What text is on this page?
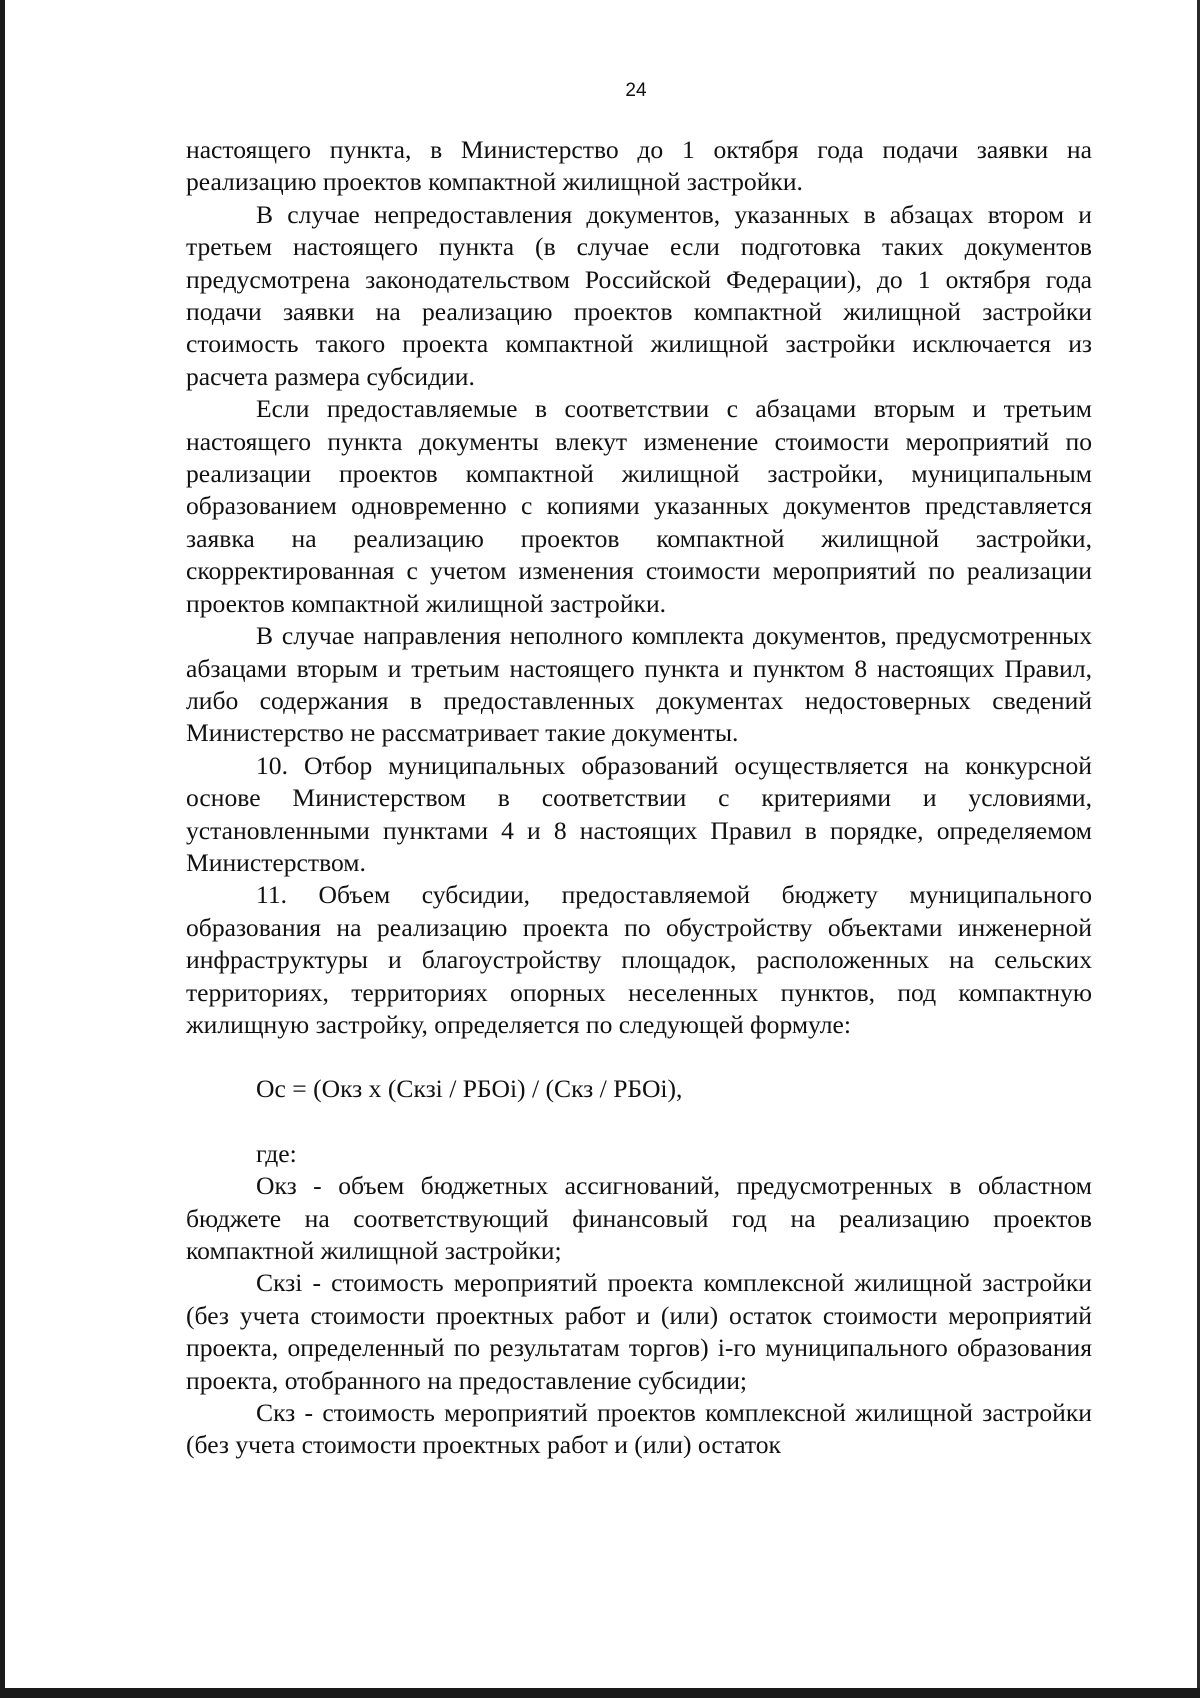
24

настоящего пункта, в Министерство до 1 октября года подачи заявки на реализацию проектов компактной жилищной застройки.

В случае непредоставления документов, указанных в абзацах втором и третьем настоящего пункта (в случае если подготовка таких документов предусмотрена законодательством Российской Федерации), до 1 октября года подачи заявки на реализацию проектов компактной жилищной застройки стоимость такого проекта компактной жилищной застройки исключается из расчета размера субсидии.

Если предоставляемые в соответствии с абзацами вторым и третьим настоящего пункта документы влекут изменение стоимости мероприятий по реализации проектов компактной жилищной застройки, муниципальным образованием одновременно с копиями указанных документов представляется заявка на реализацию проектов компактной жилищной застройки, скорректированная с учетом изменения стоимости мероприятий по реализации проектов компактной жилищной застройки.

В случае направления неполного комплекта документов, предусмотренных абзацами вторым и третьим настоящего пункта и пунктом 8 настоящих Правил, либо содержания в предоставленных документах недостоверных сведений Министерство не рассматривает такие документы.

10. Отбор муниципальных образований осуществляется на конкурсной основе Министерством в соответствии с критериями и условиями, установленными пунктами 4 и 8 настоящих Правил в порядке, определяемом Министерством.

11. Объем субсидии, предоставляемой бюджету муниципального образования на реализацию проекта по обустройству объектами инженерной инфраструктуры и благоустройству площадок, расположенных на сельских территориях, территориях опорных неселенных пунктов, под компактную жилищную застройку, определяется по следующей формуле:

Ос = (Окз х (Скзi / РБОi) / (Скз / РБОi),

где:

Окз - объем бюджетных ассигнований, предусмотренных в областном бюджете на соответствующий финансовый год на реализацию проектов компактной жилищной застройки;

Скзi - стоимость мероприятий проекта комплексной жилищной застройки (без учета стоимости проектных работ и (или) остаток стоимости мероприятий проекта, определенный по результатам торгов) i-го муниципального образования проекта, отобранного на предоставление субсидии;

Скз - стоимость мероприятий проектов комплексной жилищной застройки (без учета стоимости проектных работ и (или) остаток
